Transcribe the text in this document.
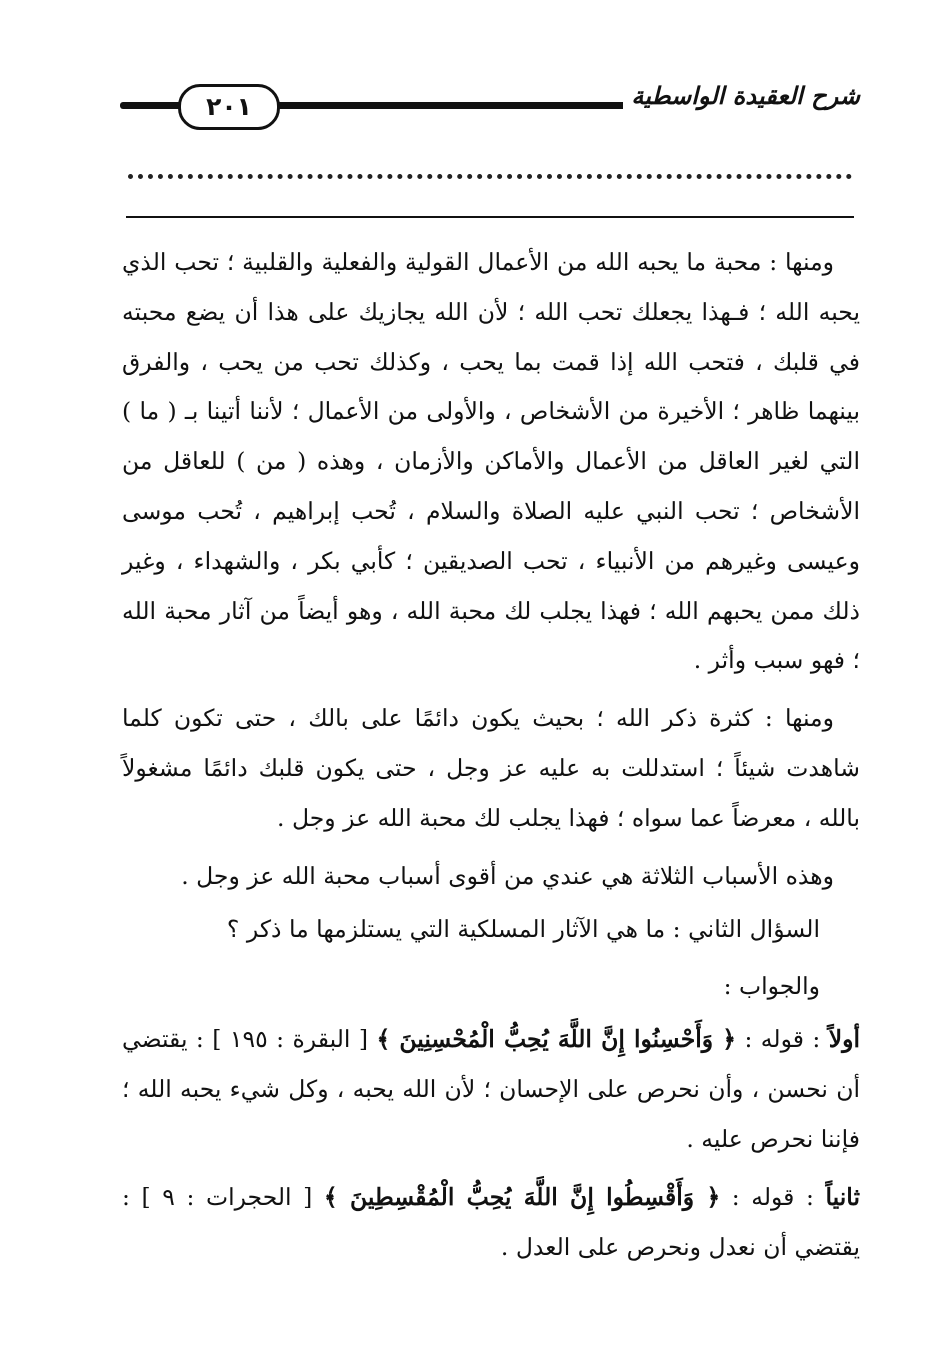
٢٠١	شرح العقيدة الواسطية

ومنها : محبة ما يحبه الله من الأعمال القولية والفعلية والقلبية ؛ تحب الذي يحبه الله ؛ فـهذا يجعلك تحب الله ؛ لأن الله يجازيك على هذا أن يضع محبته في قلبك ، فتحب الله إذا قمت بما يحب ، وكذلك تحب من يحب ، والفرق بينهما ظاهر ؛ الأخيرة من الأشخاص ، والأولى من الأعمال ؛ لأننا أتينا بـ ( ما ) التي لغير العاقل من الأعمال والأماكن والأزمان ، وهذه ( من ) للعاقل من الأشخاص ؛ تحب النبي عليه الصلاة والسلام ، تُحب إبراهيم ، تُحب موسى وعيسى وغيرهم من الأنبياء ، تحب الصديقين ؛ كأبي بكر ، والشهداء ، وغير ذلك ممن يحبهم الله ؛ فهذا يجلب لك محبة الله ، وهو أيضاً من آثار محبة الله ؛ فهو سبب وأثر .

ومنها : كثرة ذكر الله ؛ بحيث يكون دائمًا على بالك ، حتى تكون كلما شاهدت شيئاً ؛ استدللت به عليه عز وجل ، حتى يكون قلبك دائمًا مشغولاً بالله ، معرضاً عما سواه ؛ فهذا يجلب لك محبة الله عز وجل .

وهذه الأسباب الثلاثة هي عندي من أقوى أسباب محبة الله عز وجل .

السؤال الثاني : ما هي الآثار المسلكية التي يستلزمها ما ذكر ؟

والجواب :

أولاً : قوله : ﴿ وَأَحْسِنُوا إِنَّ اللَّهَ يُحِبُّ الْمُحْسِنِينَ ﴾ [ البقرة : ١٩٥ ] : يقتضي أن نحسن ، وأن نحرص على الإحسان ؛ لأن الله يحبه ، وكل شيء يحبه الله ؛ فإننا نحرص عليه .

ثانياً : قوله : ﴿ وَأَقْسِطُوا إِنَّ اللَّهَ يُحِبُّ الْمُقْسِطِينَ ﴾ [ الحجرات : ٩ ] : يقتضي أن نعدل ونحرص على العدل .
